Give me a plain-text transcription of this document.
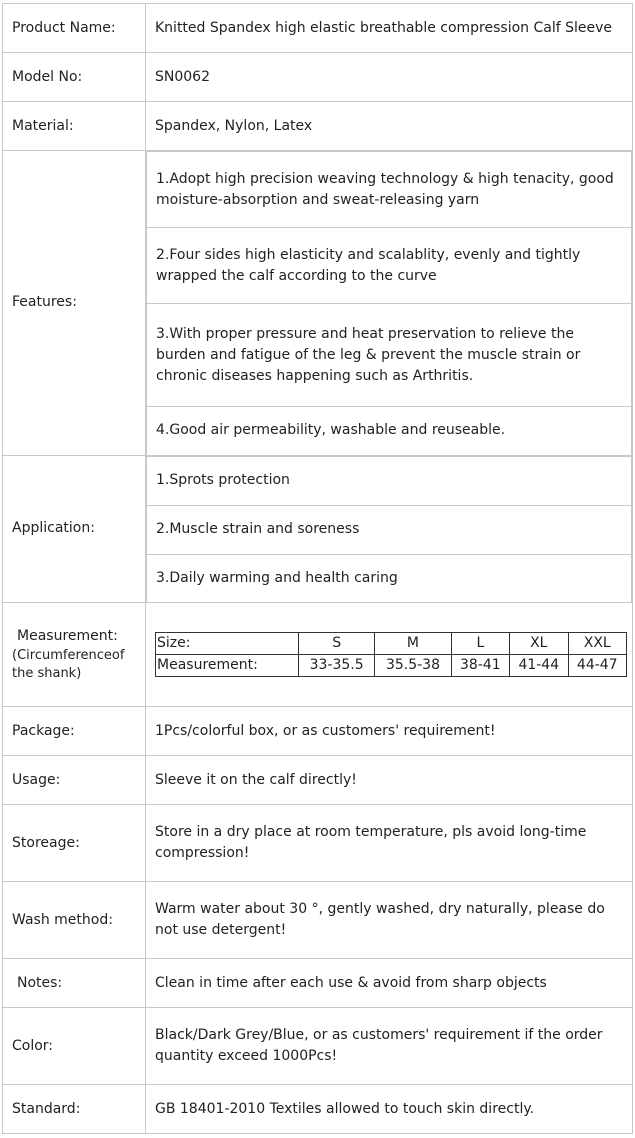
Product Name:	Knitted Spandex high elastic breathable compression Calf Sleeve
Model No:	SN0062
Material:	Spandex, Nylon, Latex
Features:	
1.Adopt high precision weaving technology & high tenacity, good moisture-absorption and sweat-releasing yarn
2.Four sides high elasticity and scalablity, evenly and tightly wrapped the calf according to the curve
3.With proper pressure and heat preservation to relieve the burden and fatigue of the leg & prevent the muscle strain or chronic diseases happening such as Arthritis.
4.Good air permeability, washable and reuseable.

Application:	
1.Sprots protection
2.Muscle strain and soreness
3.Daily warming and health caring

Measurement:
(Circumferenceof the shank)

Size:	S	M	L	XL	XXL
Measurement:	33-35.5	35.5-38	38-41	41-44	44-47

Package:	1Pcs/colorful box, or as customers' requirement!
Usage:	Sleeve it on the calf directly!
Storeage:	Store in a dry place at room temperature, pls avoid long-time compression!
Wash method:	Warm water about 30 °, gently washed, dry naturally, please do not use detergent!
Notes:	Clean in time after each use & avoid from sharp objects
Color:	Black/Dark Grey/Blue, or as customers' requirement if the order quantity exceed 1000Pcs!
Standard:	GB 18401-2010 Textiles allowed to touch skin directly.
